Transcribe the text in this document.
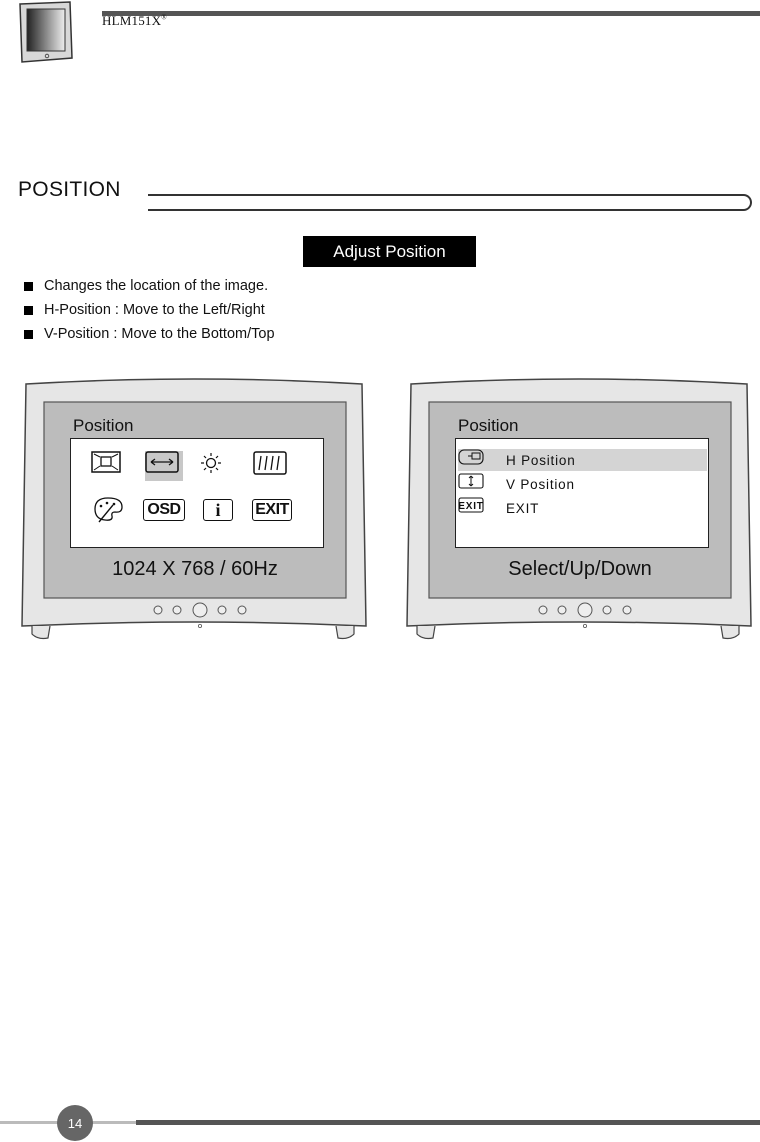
HLM151X®
POSITION
Adjust Position
Changes the location of the image.
H-Position : Move to the Left/Right
V-Position : Move to the Bottom/Top
Position
OSD	i	EXIT
1024 X 768 / 60Hz
Position
H Position
V Position
EXIT EXIT
Select/Up/Down
14
